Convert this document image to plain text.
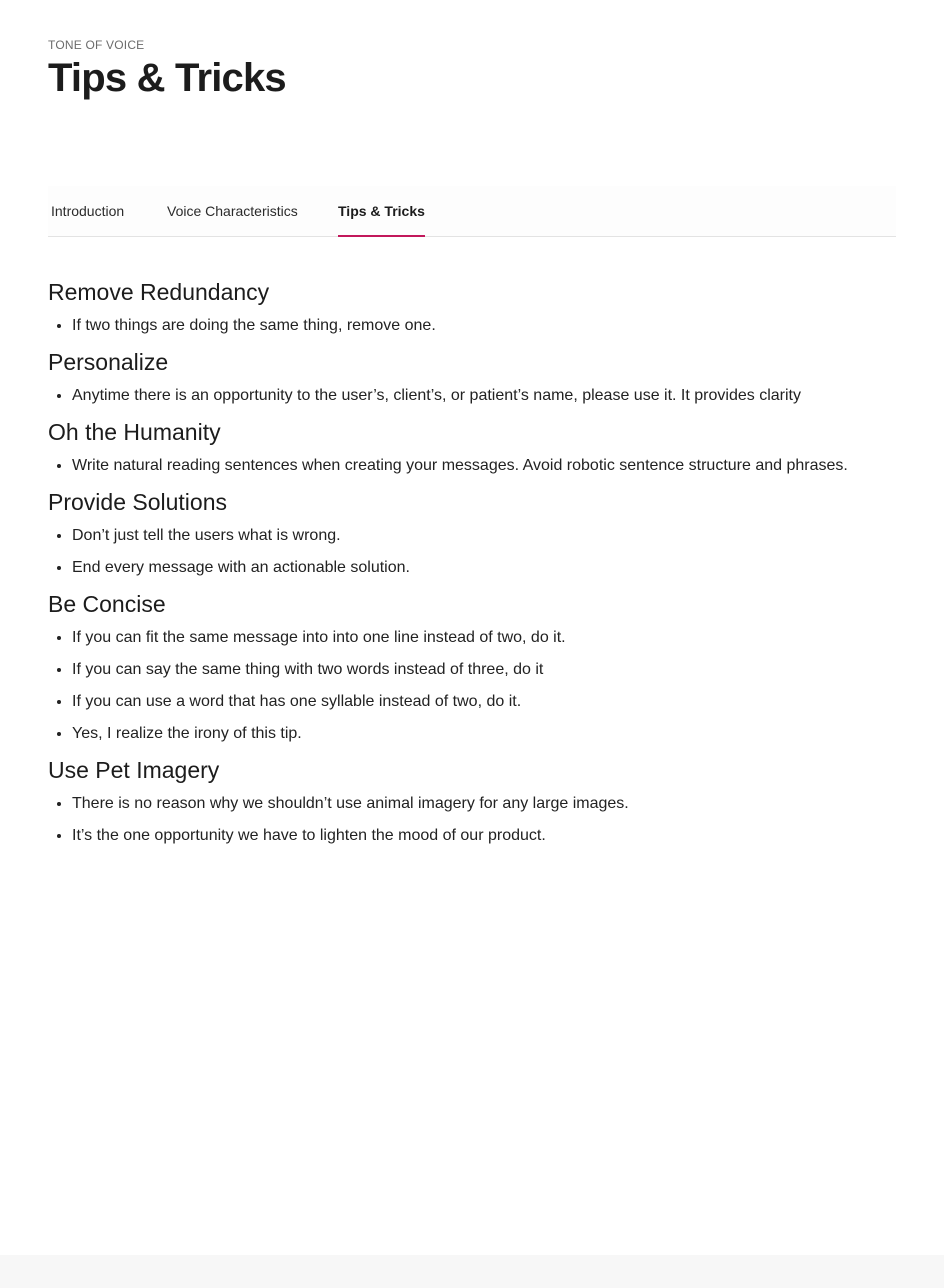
TONE OF VOICE
Tips & Tricks
Introduction	Voice Characteristics	Tips & Tricks
Remove Redundancy
• If two things are doing the same thing, remove one.
Personalize
• Anytime there is an opportunity to the user’s, client’s, or patient’s name, please use it. It provides clarity
Oh the Humanity
• Write natural reading sentences when creating your messages. Avoid robotic sentence structure and phrases.
Provide Solutions
• Don’t just tell the users what is wrong.
• End every message with an actionable solution.
Be Concise
• If you can fit the same message into into one line instead of two, do it.
• If you can say the same thing with two words instead of three, do it
• If you can use a word that has one syllable instead of two, do it.
• Yes, I realize the irony of this tip.
Use Pet Imagery
• There is no reason why we shouldn’t use animal imagery for any large images.
• It’s the one opportunity we have to lighten the mood of our product.
